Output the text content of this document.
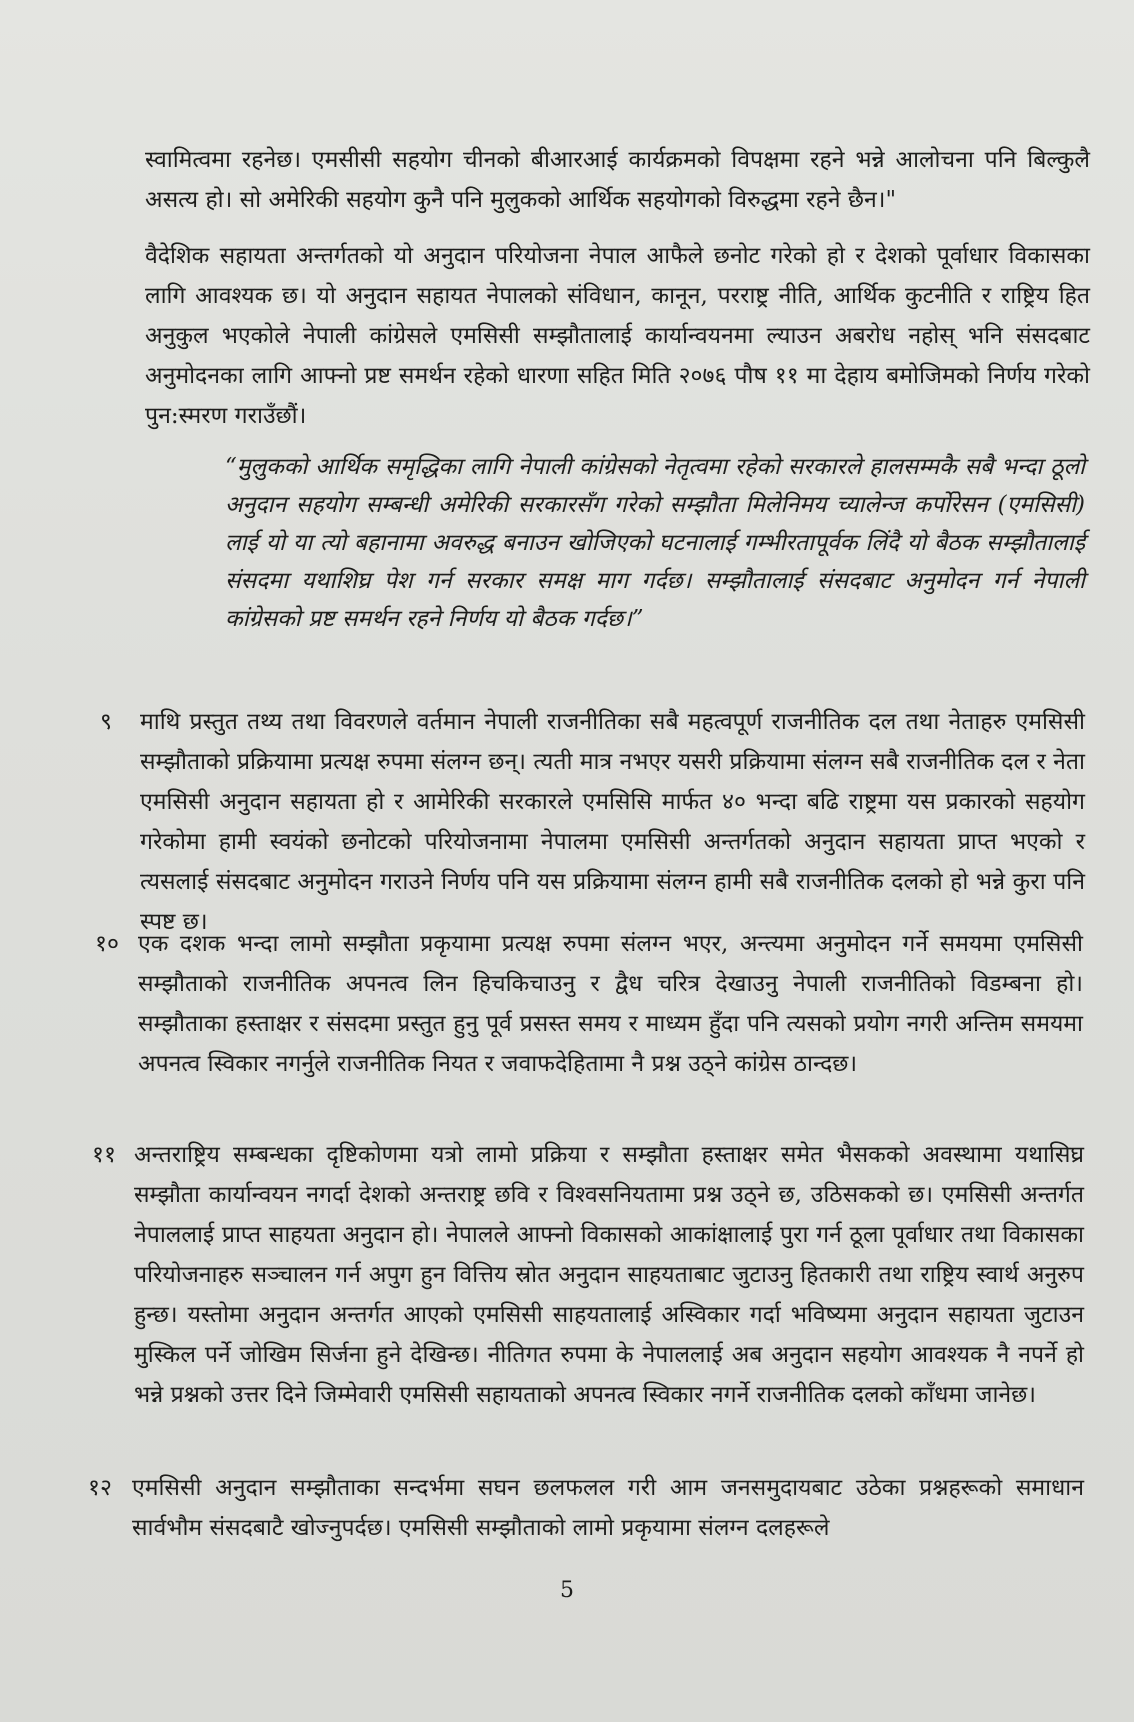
स्वामित्वमा रहनेछ। एमसीसी सहयोग चीनको बीआरआई कार्यक्रमको विपक्षमा रहने भन्ने आलोचना पनि बिल्कुलै असत्य हो। सो अमेरिकी सहयोग कुनै पनि मुलुकको आर्थिक सहयोगको विरुद्धमा रहने छैन।"
वैदेशिक सहायता अन्तर्गतको यो अनुदान परियोजना नेपाल आफैले छनोट गरेको हो र देशको पूर्वाधार विकासका लागि आवश्यक छ। यो अनुदान सहायत नेपालको संविधान, कानून, परराष्ट्र नीति, आर्थिक कुटनीति र राष्ट्रिय हित अनुकुल भएकोले नेपाली कांग्रेसले एमसिसी सम्झौतालाई कार्यान्वयनमा ल्याउन अबरोध नहोस् भनि संसदबाट अनुमोदनका लागि आफ्नो प्रष्ट समर्थन रहेको धारणा सहित मिति २०७६ पौष ११ मा देहाय बमोजिमको निर्णय गरेको पुन:स्मरण गराउँछौं।
“मुलुकको आर्थिक समृद्धिका लागि नेपाली कांग्रेसको नेतृत्वमा रहेको सरकारले हालसम्मकै सबै भन्दा ठूलो अनुदान सहयोग सम्बन्धी अमेरिकी सरकारसँग गरेको सम्झौता मिलेनिमय च्यालेन्ज कर्पोरेसन (एमसिसी) लाई यो या त्यो बहानामा अवरुद्ध बनाउन खोजिएको घटनालाई गम्भीरतापूर्वक लिंदै यो बैठक सम्झौतालाई संसदमा यथाशिघ्र पेश गर्न सरकार समक्ष माग गर्दछ। सम्झौतालाई संसदबाट अनुमोदन गर्न नेपाली कांग्रेसको प्रष्ट समर्थन रहने निर्णय यो बैठक गर्दछ।”
९ माथि प्रस्तुत तथ्य तथा विवरणले वर्तमान नेपाली राजनीतिका सबै महत्वपूर्ण राजनीतिक दल तथा नेताहरु एमसिसी सम्झौताको प्रक्रियामा प्रत्यक्ष रुपमा संलग्न छन्। त्यती मात्र नभएर यसरी प्रक्रियामा संलग्न सबै राजनीतिक दल र नेता एमसिसी अनुदान सहायता हो र आमेरिकी सरकारले एमसिसि मार्फत ४० भन्दा बढि राष्ट्रमा यस प्रकारको सहयोग गरेकोमा हामी स्वयंको छनोटको परियोजनामा नेपालमा एमसिसी अन्तर्गतको अनुदान सहायता प्राप्त भएको र त्यसलाई संसदबाट अनुमोदन गराउने निर्णय पनि यस प्रक्रियामा संलग्न हामी सबै राजनीतिक दलको हो भन्ने कुरा पनि स्पष्ट छ।
१० एक दशक भन्दा लामो सम्झौता प्रकृयामा प्रत्यक्ष रुपमा संलग्न भएर, अन्त्यमा अनुमोदन गर्ने समयमा एमसिसी सम्झौताको राजनीतिक अपनत्व लिन हिचकिचाउनु र द्वैध चरित्र देखाउनु नेपाली राजनीतिको विडम्बना हो। सम्झौताका हस्ताक्षर र संसदमा प्रस्तुत हुनु पूर्व प्रसस्त समय र माध्यम हुँदा पनि त्यसको प्रयोग नगरी अन्तिम समयमा अपनत्व स्विकार नगर्नुले राजनीतिक नियत र जवाफदेहितामा नै प्रश्न उठ्ने कांग्रेस ठान्दछ।
११ अन्तराष्ट्रिय सम्बन्धका दृष्टिकोणमा यत्रो लामो प्रक्रिया र सम्झौता हस्ताक्षर समेत भैसकको अवस्थामा यथासिघ्र सम्झौता कार्यान्वयन नगर्दा देशको अन्तराष्ट्र छवि र विश्वसनियतामा प्रश्न उठ्ने छ, उठिसकको छ। एमसिसी अन्तर्गत नेपाललाई प्राप्त साहयता अनुदान हो। नेपालले आफ्नो विकासको आकांक्षालाई पुरा गर्न ठूला पूर्वाधार तथा विकासका परियोजनाहरु सञ्चालन गर्न अपुग हुन वित्तिय स्रोत अनुदान साहयताबाट जुटाउनु हितकारी तथा राष्ट्रिय स्वार्थ अनुरुप हुन्छ। यस्तोमा अनुदान अन्तर्गत आएको एमसिसी साहयतालाई अस्विकार गर्दा भविष्यमा अनुदान सहायता जुटाउन मुस्किल पर्ने जोखिम सिर्जना हुने देखिन्छ। नीतिगत रुपमा के नेपाललाई अब अनुदान सहयोग आवश्यक नै नपर्ने हो भन्ने प्रश्नको उत्तर दिने जिम्मेवारी एमसिसी सहायताको अपनत्व स्विकार नगर्ने राजनीतिक दलको काँधमा जानेछ।
१२ एमसिसी अनुदान सम्झौताका सन्दर्भमा सघन छलफलल गरी आम जनसमुदायबाट उठेका प्रश्नहरूको समाधान सार्वभौम संसदबाटै खोज्नुपर्दछ। एमसिसी सम्झौताको लामो प्रकृयामा संलग्न दलहरूले
5
